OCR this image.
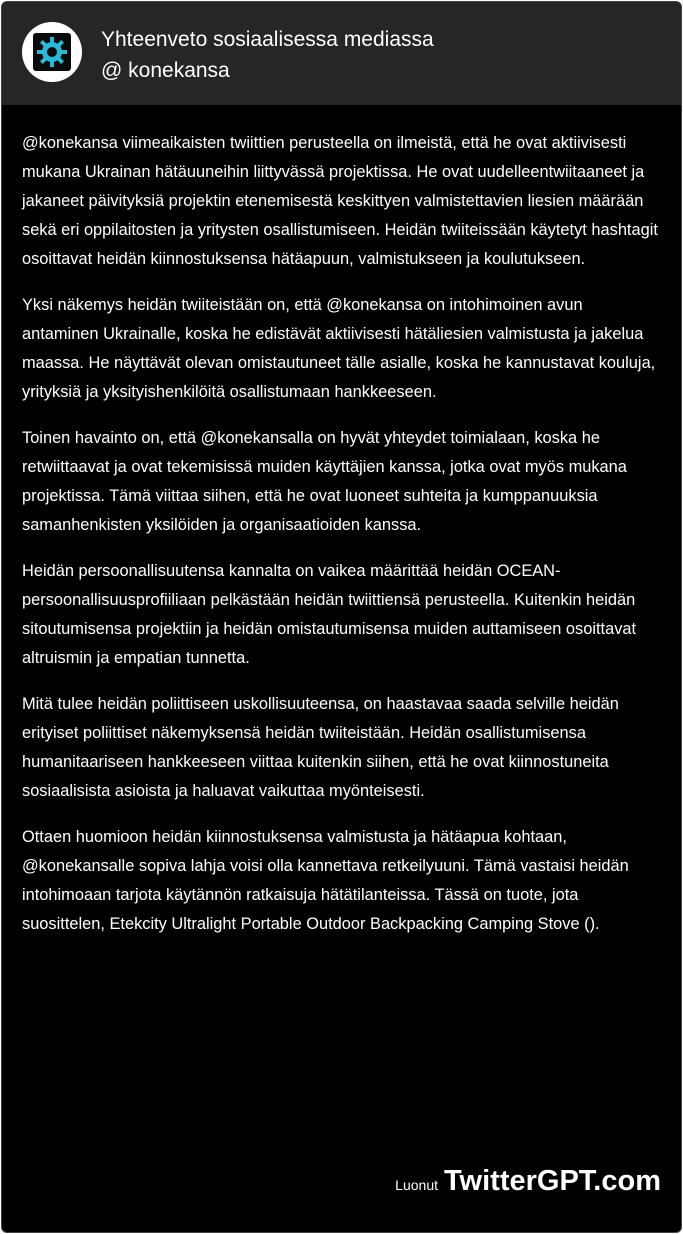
Yhteenveto sosiaalisessa mediassa
@ konekansa

@konekansa viimeaikaisten twiittien perusteella on ilmeistä, että he ovat aktiivisesti mukana Ukrainan hätäuuneihin liittyvässä projektissa. He ovat uudelleentwiitaaneet ja jakaneet päivityksiä projektin etenemisestä keskittyen valmistettavien liesien määrään sekä eri oppilaitosten ja yritysten osallistumiseen. Heidän twiiteissään käytetyt hashtagit osoittavat heidän kiinnostuksensa hätäapuun, valmistukseen ja koulutukseen.

Yksi näkemys heidän twiiteistään on, että @konekansa on intohimoinen avun antaminen Ukrainalle, koska he edistävät aktiivisesti hätäliesien valmistusta ja jakelua maassa. He näyttävät olevan omistautuneet tälle asialle, koska he kannustavat kouluja, yrityksiä ja yksityishenkilöitä osallistumaan hankkeeseen.

Toinen havainto on, että @konekansalla on hyvät yhteydet toimialaan, koska he retwiittaavat ja ovat tekemisissä muiden käyttäjien kanssa, jotka ovat myös mukana projektissa. Tämä viittaa siihen, että he ovat luoneet suhteita ja kumppanuuksia samanhenkisten yksilöiden ja organisaatioiden kanssa.

Heidän persoonallisuutensa kannalta on vaikea määrittää heidän OCEAN-persoonallisuusprofiiliaan pelkästään heidän twiittiensä perusteella. Kuitenkin heidän sitoutumisensa projektiin ja heidän omistautumisensa muiden auttamiseen osoittavat altruismin ja empatian tunnetta.

Mitä tulee heidän poliittiseen uskollisuuteensa, on haastavaa saada selville heidän erityiset poliittiset näkemyksensä heidän twiiteistään. Heidän osallistumisensa humanitaariseen hankkeeseen viittaa kuitenkin siihen, että he ovat kiinnostuneita sosiaalisista asioista ja haluavat vaikuttaa myönteisesti.

Ottaen huomioon heidän kiinnostuksensa valmistusta ja hätäapua kohtaan, @konekansalle sopiva lahja voisi olla kannettava retkeilyuuni. Tämä vastaisi heidän intohimoaan tarjota käytännön ratkaisuja hätätilanteissa. Tässä on tuote, jota suosittelen, Etekcity Ultralight Portable Outdoor Backpacking Camping Stove ().

Luonut TwitterGPT.com
